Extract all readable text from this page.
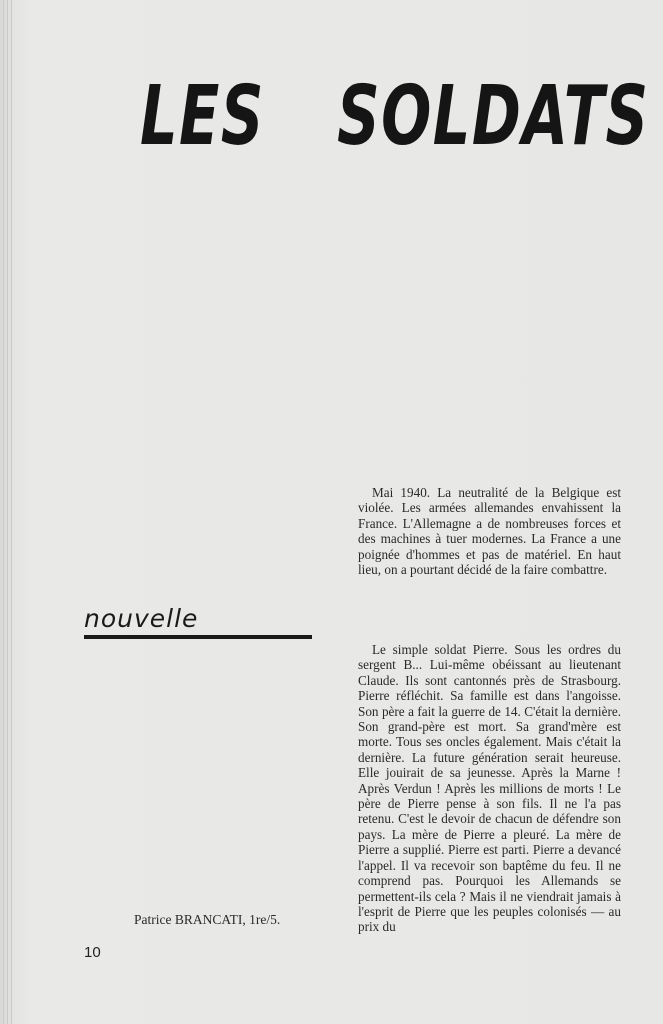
LES SOLDATS
nouvelle

Mai 1940. La neutralité de la Belgique est violée. Les armées allemandes envahissent la France. L'Allemagne a de nombreuses forces et des machines à tuer modernes. La France a une poignée d'hommes et pas de matériel. En haut lieu, on a pourtant décidé de la faire combattre.

Le simple soldat Pierre. Sous les ordres du sergent B... Lui-même obéissant au lieutenant Claude. Ils sont cantonnés près de Strasbourg. Pierre réfléchit. Sa famille est dans l'angoisse. Son père a fait la guerre de 14. C'était la dernière. Son grand-père est mort. Sa grand'mère est morte. Tous ses oncles également. Mais c'était la dernière. La future génération serait heureuse. Elle jouirait de sa jeunesse. Après la Marne ! Après Verdun ! Après les millions de morts ! Le père de Pierre pense à son fils. Il ne l'a pas retenu. C'est le devoir de chacun de défendre son pays. La mère de Pierre a pleuré. La mère de Pierre a supplié. Pierre est parti. Pierre a devancé l'appel. Il va recevoir son baptême du feu. Il ne comprend pas. Pourquoi les Allemands se permettent-ils cela ? Mais il ne viendrait jamais à l'esprit de Pierre que les peuples colonisés — au prix du

Patrice BRANCATI, 1re/5.
10
